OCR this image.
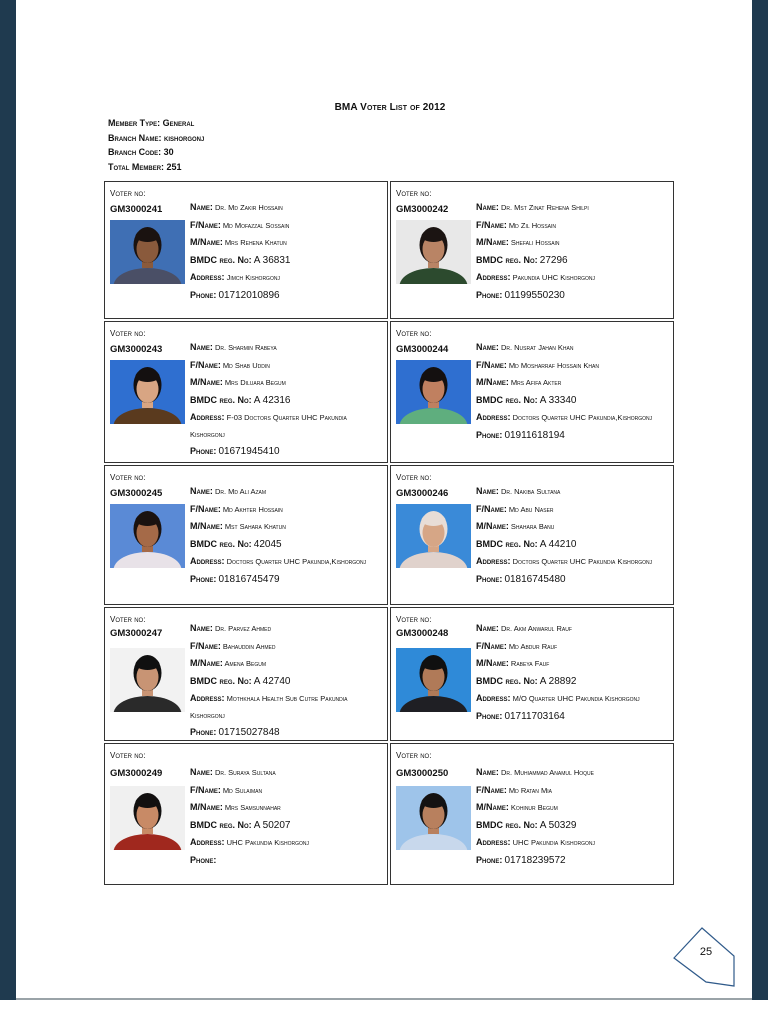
BMA Voter List of 2012
Member Type: General
Branch Name: kishorgonj
Branch Code: 30
Total Member: 251
Voter no:
GM3000241	Name: Dr. Md Zakir Hossain
F/Name: Md Mofazzal Sossain
M/Name: Mrs Rehena Khatun
BMDC reg. No: A 36831
Address: Jimch Kishorgonj
Phone: 01712010896
Voter no:
GM3000242	Name: Dr. Mst Zinat Rehena Shilpi
F/Name: Md Zil Hossain
M/Name: Shefali Hossain
BMDC reg. No: 27296
Address: Pakundia UHC Kishorgonj
Phone: 01199550230
Voter no:
GM3000243	Name: Dr. Sharmin Rabeya
F/Name: Md Shab Uddin
M/Name: Mrs Diluara Begum
BMDC reg. No: A 42316
Address: F-03 Doctors Quarter UHC Pakundia Kishorgonj
Phone: 01671945410
Voter no:
GM3000244	Name: Dr. Nusrat Jahan Khan
F/Name: Md Mosharraf Hossain Khan
M/Name: Mrs Afifa Akter
BMDC reg. No: A 33340
Address: Doctors Quarter UHC Pakundia,Kishorgonj
Phone: 01911618194
Voter no:
GM3000245	Name: Dr. Md Ali Azam
F/Name: Md Akhter Hossain
M/Name: Mst Sahara Khatun
BMDC reg. No: 42045
Address: Doctors Quarter UHC Pakundia,Kishorgonj
Phone: 01816745479
Voter no:
GM3000246	Name: Dr. Nakiba Sultana
F/Name: Md Abu Naser
M/Name: Shahara Banu
BMDC reg. No: A 44210
Address: Doctors Quarter UHC Pakundia Kishorgonj
Phone: 01816745480
Voter no:
GM3000247	Name: Dr. Parvez Ahmed
F/Name: Bahauddin Ahmed
M/Name: Amena Begum
BMDC reg. No: A 42740
Address: Mothkhala Health Sub Cutre Pakundia Kishorgonj
Phone: 01715027848
Voter no:
GM3000248	Name: Dr. Akm Anwarul Rauf
F/Name: Md Abdur Rauf
M/Name: Rabeya Fauf
BMDC reg. No: A 28892
Address: M/O Quarter UHC Pakundia Kishorgonj
Phone: 01711703164
Voter no:
GM3000249	Name: Dr. Suraya Sultana
F/Name: Md Sulaiman
M/Name: Mrs Samsunnahar
BMDC reg. No: A 50207
Address: UHC Pakundia Kishorgonj
Phone:
Voter no:
GM3000250	Name: Dr. Muhiammad Anamul Hoque
F/Name: Md Ratan Mia
M/Name: Kohinur Begum
BMDC reg. No: A 50329
Address: UHC Pakundia Kishorgonj
Phone: 01718239572
25
